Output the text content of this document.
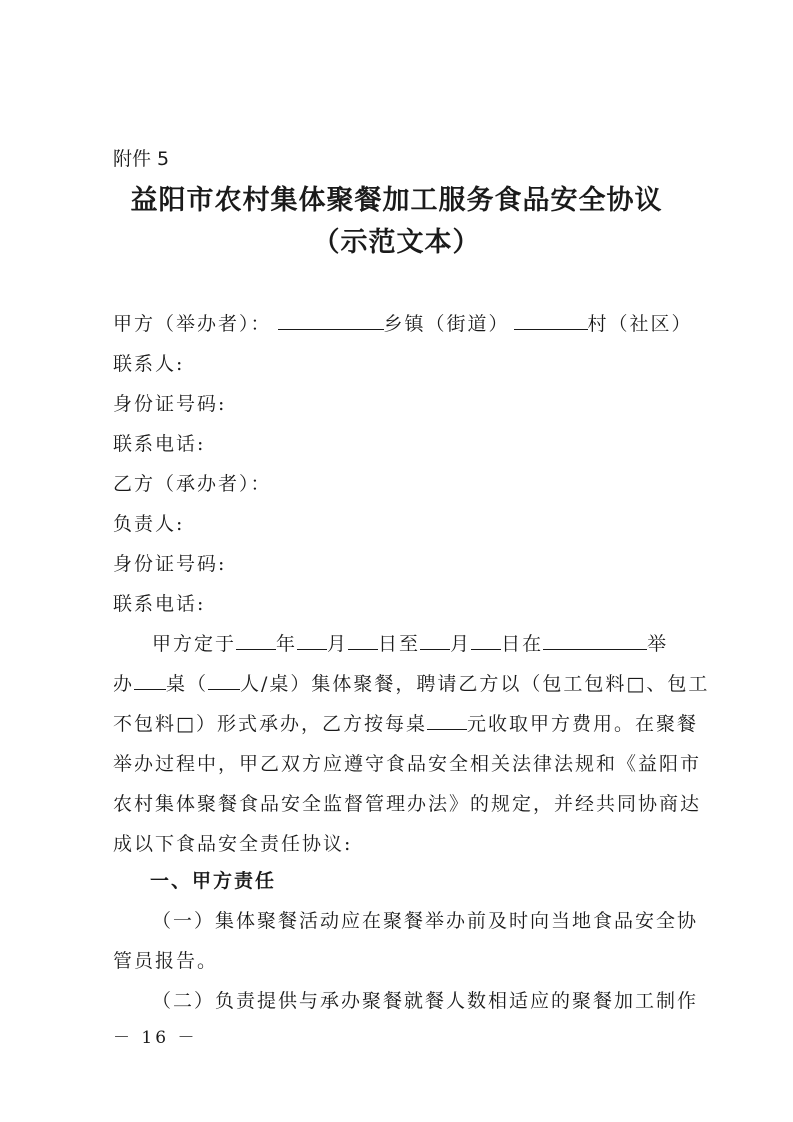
附件 5
益阳市农村集体聚餐加工服务食品安全协议
（示范文本）
甲方（举办者）：	乡镇（街道）	村（社区）
联系人:
身份证号码:
联系电话:
乙方（承办者）：
负责人:
身份证号码:
联系电话:
甲方定于 年 月 日至 月 日在	举
办 桌（ 人/桌）集体聚餐，聘请乙方以（包工包料□、包工
不包料□）形式承办，乙方按每桌 元收取甲方费用。在聚餐
举办过程中，甲乙双方应遵守食品安全相关法律法规和《益阳市
农村集体聚餐食品安全监督管理办法》的规定，并经共同协商达
成以下食品安全责任协议:
一、甲方责任
（一）集体聚餐活动应在聚餐举办前及时向当地食品安全协
管员报告。
（二）负责提供与承办聚餐就餐人数相适应的聚餐加工制作
－ 16 －
